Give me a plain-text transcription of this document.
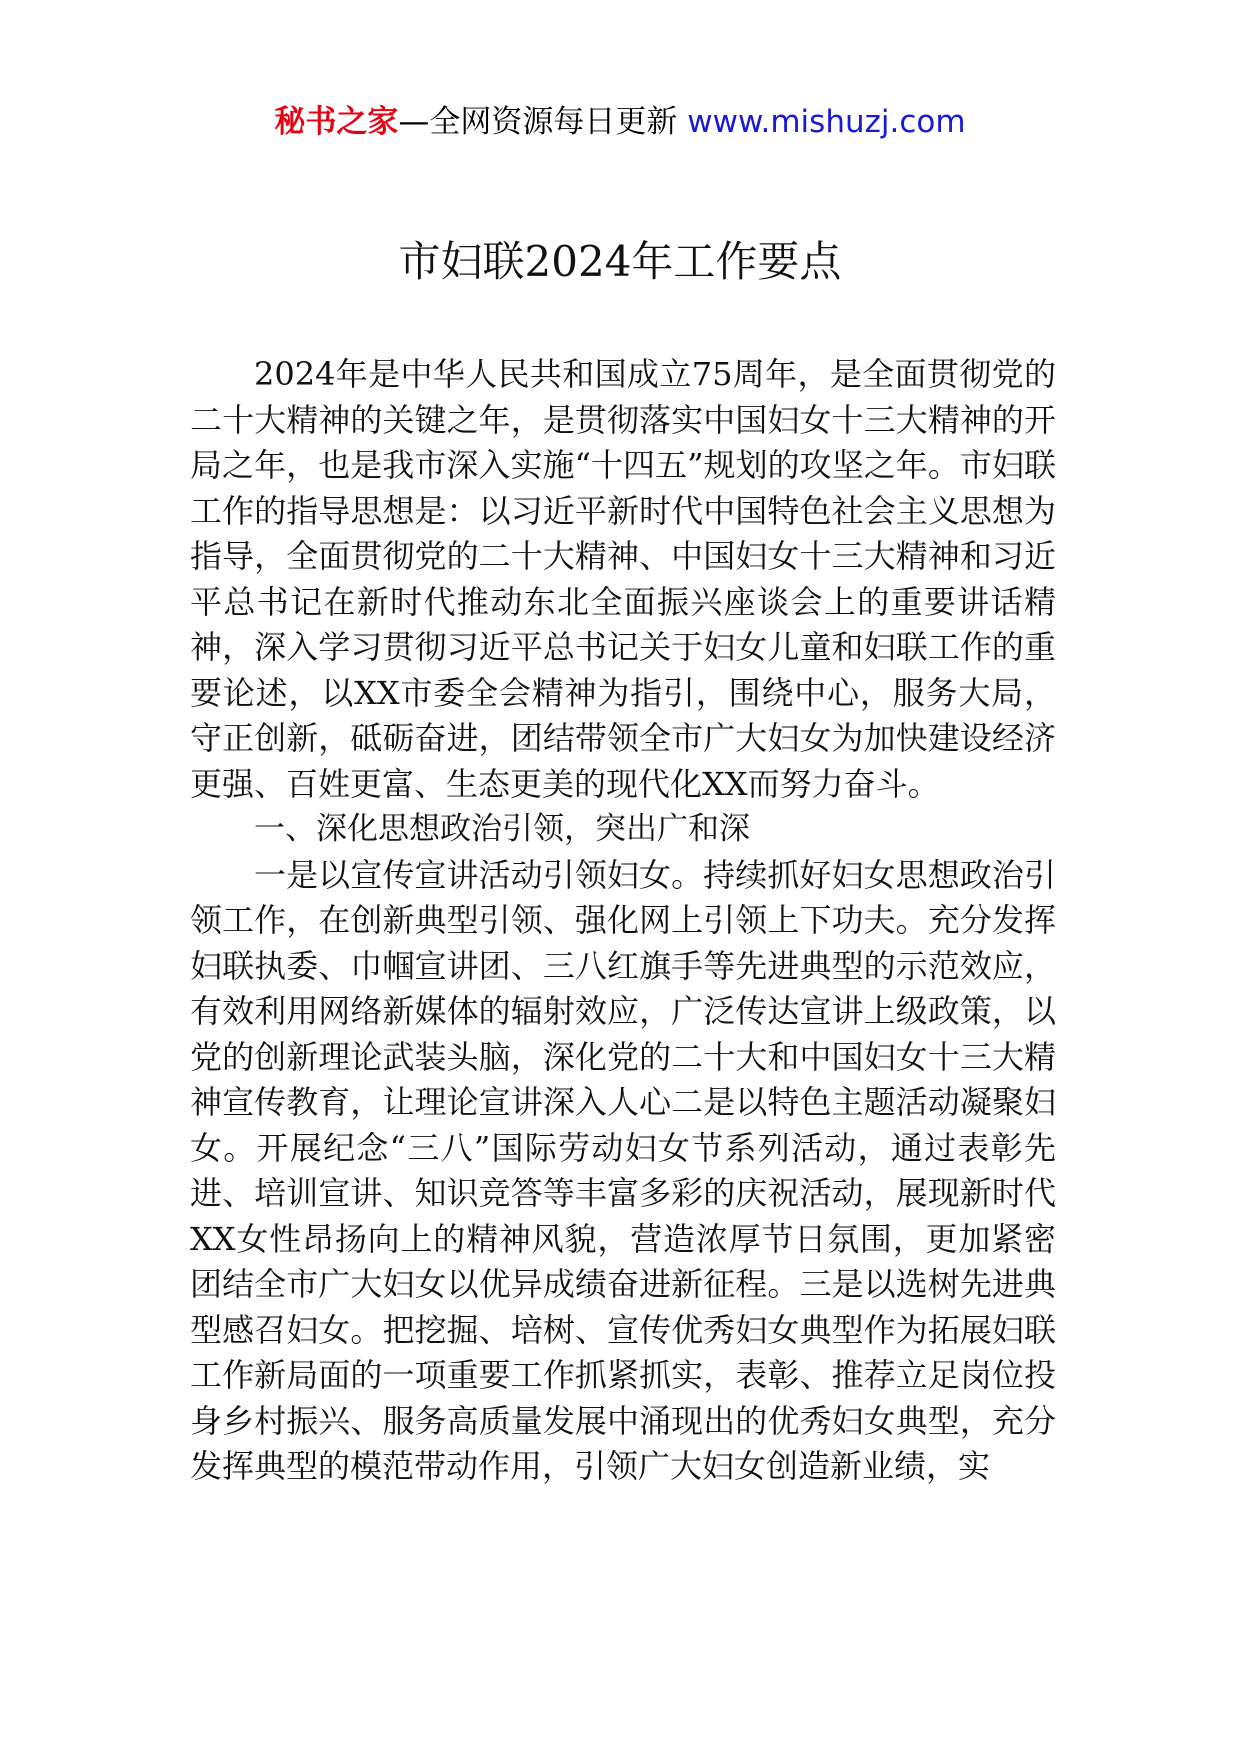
秘书之家—全网资源每日更新 www.mishuzj.com
市妇联2024年工作要点

2024年是中华人民共和国成立75周年，是全面贯彻党的二十大精神的关键之年，是贯彻落实中国妇女十三大精神的开局之年，也是我市深入实施“十四五”规划的攻坚之年。市妇联工作的指导思想是：以习近平新时代中国特色社会主义思想为指导，全面贯彻党的二十大精神、中国妇女十三大精神和习近平总书记在新时代推动东北全面振兴座谈会上的重要讲话精神，深入学习贯彻习近平总书记关于妇女儿童和妇联工作的重要论述，以XX市委全会精神为指引，围绕中心，服务大局，守正创新，砥砺奋进，团结带领全市广大妇女为加快建设经济更强、百姓更富、生态更美的现代化XX而努力奋斗。

一、深化思想政治引领，突出广和深

一是以宣传宣讲活动引领妇女。持续抓好妇女思想政治引领工作，在创新典型引领、强化网上引领上下功夫。充分发挥妇联执委、巾帼宣讲团、三八红旗手等先进典型的示范效应，有效利用网络新媒体的辐射效应，广泛传达宣讲上级政策，以党的创新理论武装头脑，深化党的二十大和中国妇女十三大精神宣传教育，让理论宣讲深入人心二是以特色主题活动凝聚妇女。开展纪念“三八”国际劳动妇女节系列活动，通过表彰先进、培训宣讲、知识竞答等丰富多彩的庆祝活动，展现新时代XX女性昂扬向上的精神风貌，营造浓厚节日氛围，更加紧密团结全市广大妇女以优异成绩奋进新征程。三是以选树先进典型感召妇女。把挖掘、培树、宣传优秀妇女典型作为拓展妇联工作新局面的一项重要工作抓紧抓实，表彰、推荐立足岗位投身乡村振兴、服务高质量发展中涌现出的优秀妇女典型，充分发挥典型的模范带动作用，引领广大妇女创造新业绩，实
